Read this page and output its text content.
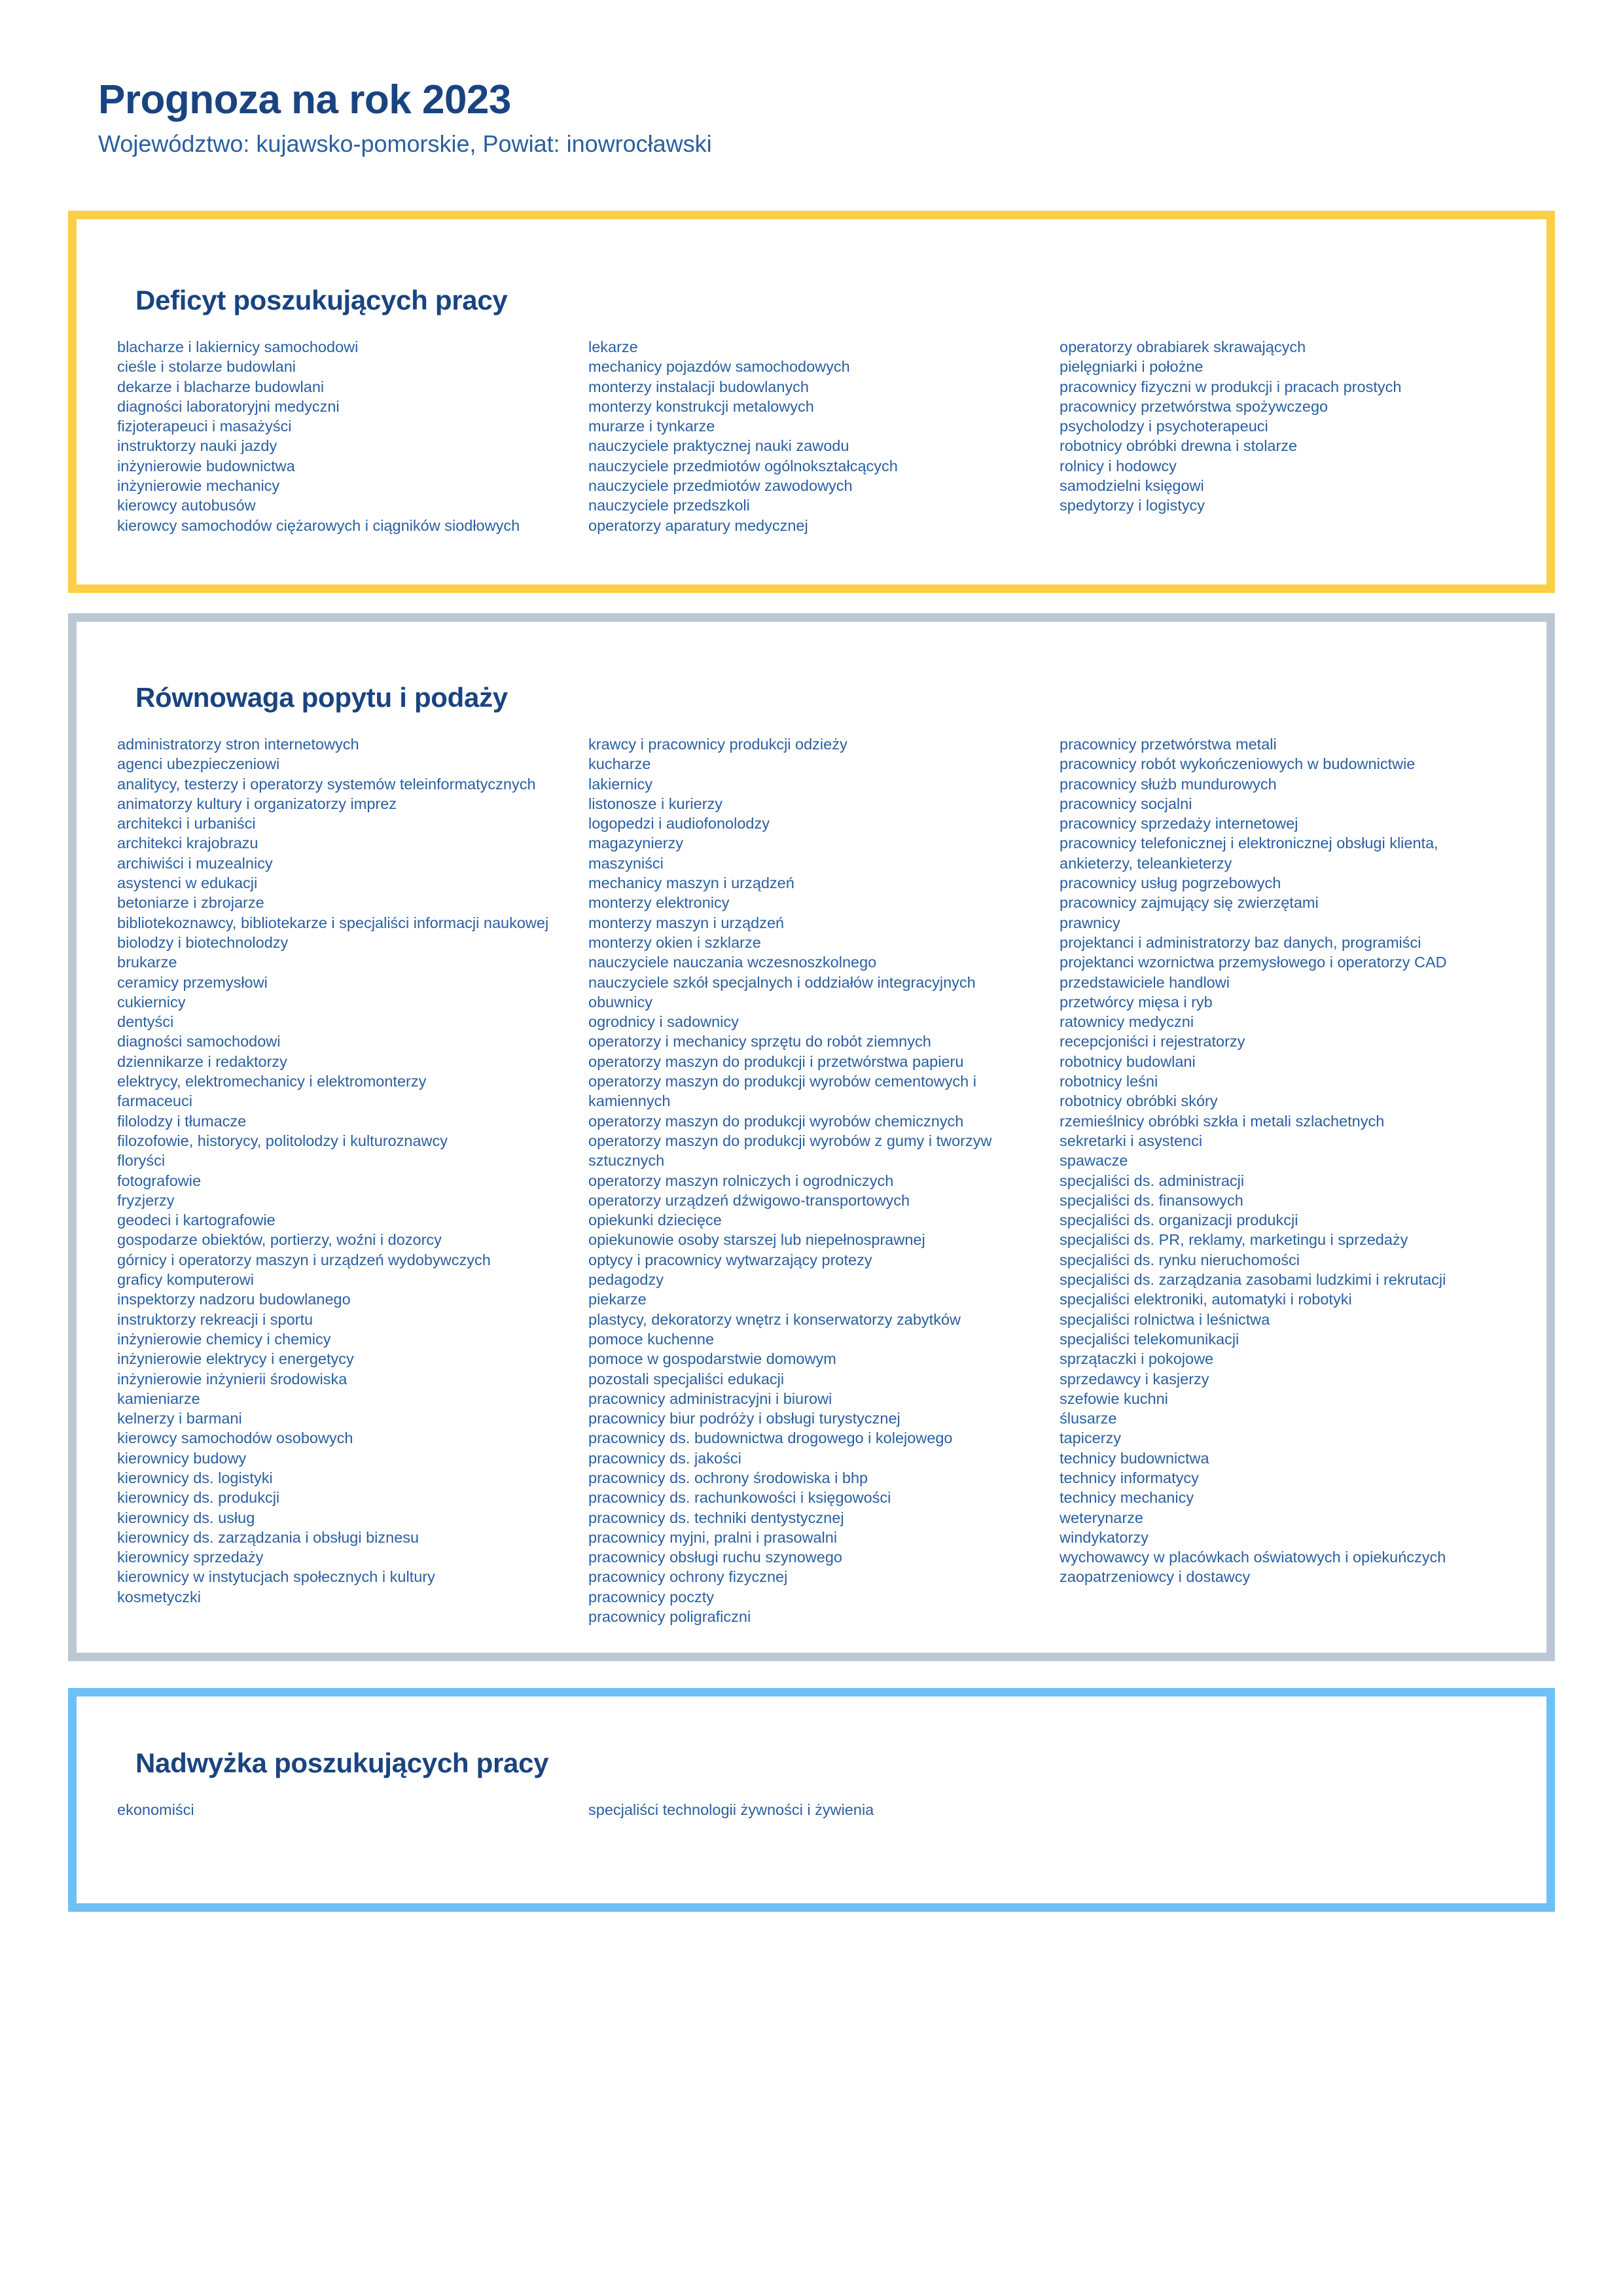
Prognoza na rok 2023

Województwo: kujawsko-pomorskie, Powiat: inowrocławski

Deficyt poszukujących pracy
blacharze i lakiernicy samochodowi
cieśle i stolarze budowlani
dekarze i blacharze budowlani
diagności laboratoryjni medyczni
fizjoterapeuci i masażyści
instruktorzy nauki jazdy
inżynierowie budownictwa
inżynierowie mechanicy
kierowcy autobusów
kierowcy samochodów ciężarowych i ciągników siodłowych
lekarze
mechanicy pojazdów samochodowych
monterzy instalacji budowlanych
monterzy konstrukcji metalowych
murarze i tynkarze
nauczyciele praktycznej nauki zawodu
nauczyciele przedmiotów ogólnokształcących
nauczyciele przedmiotów zawodowych
nauczyciele przedszkoli
operatorzy aparatury medycznej
operatorzy obrabiarek skrawających
pielęgniarki i położne
pracownicy fizyczni w produkcji i pracach prostych
pracownicy przetwórstwa spożywczego
psycholodzy i psychoterapeuci
robotnicy obróbki drewna i stolarze
rolnicy i hodowcy
samodzielni księgowi
spedytorzy i logistycy
Równowaga popytu i podaży
administratorzy stron internetowych
agenci ubezpieczeniowi
analitycy, testerzy i operatorzy systemów teleinformatycznych
animatorzy kultury i organizatorzy imprez
architekci i urbaniści
architekci krajobrazu
archiwiści i muzealnicy
asystenci w edukacji
betoniarze i zbrojarze
bibliotekoznawcy, bibliotekarze i specjaliści informacji naukowej
biolodzy i biotechnolodzy
brukarze
ceramicy przemysłowi
cukiernicy
dentyści
diagności samochodowi
dziennikarze i redaktorzy
elektrycy, elektromechanicy i elektromonterzy
farmaceuci
filolodzy i tłumacze
filozofowie, historycy, politolodzy i kulturoznawcy
floryści
fotografowie
fryzjerzy
geodeci i kartografowie
gospodarze obiektów, portierzy, woźni i dozorcy
górnicy i operatorzy maszyn i urządzeń wydobywczych
graficy komputerowi
inspektorzy nadzoru budowlanego
instruktorzy rekreacji i sportu
inżynierowie chemicy i chemicy
inżynierowie elektrycy i energetycy
inżynierowie inżynierii środowiska
kamieniarze
kelnerzy i barmani
kierowcy samochodów osobowych
kierownicy budowy
kierownicy ds. logistyki
kierownicy ds. produkcji
kierownicy ds. usług
kierownicy ds. zarządzania i obsługi biznesu
kierownicy sprzedaży
kierownicy w instytucjach społecznych i kultury
kosmetyczki
krawcy i pracownicy produkcji odzieży
kucharze
lakiernicy
listonosze i kurierzy
logopedzi i audiofonolodzy
magazynierzy
maszyniści
mechanicy maszyn i urządzeń
monterzy elektronicy
monterzy maszyn i urządzeń
monterzy okien i szklarze
nauczyciele nauczania wczesnoszkolnego
nauczyciele szkół specjalnych i oddziałów integracyjnych
obuwnicy
ogrodnicy i sadownicy
operatorzy i mechanicy sprzętu do robót ziemnych
operatorzy maszyn do produkcji i przetwórstwa papieru
operatorzy maszyn do produkcji wyrobów cementowych i kamiennych
operatorzy maszyn do produkcji wyrobów chemicznych
operatorzy maszyn do produkcji wyrobów z gumy i tworzyw sztucznych
operatorzy maszyn rolniczych i ogrodniczych
operatorzy urządzeń dźwigowo-transportowych
opiekunki dziecięce
opiekunowie osoby starszej lub niepełnosprawnej
optycy i pracownicy wytwarzający protezy
pedagodzy
piekarze
plastycy, dekoratorzy wnętrz i konserwatorzy zabytków
pomoce kuchenne
pomoce w gospodarstwie domowym
pozostali specjaliści edukacji
pracownicy administracyjni i biurowi
pracownicy biur podróży i obsługi turystycznej
pracownicy ds. budownictwa drogowego i kolejowego
pracownicy ds. jakości
pracownicy ds. ochrony środowiska i bhp
pracownicy ds. rachunkowości i księgowości
pracownicy ds. techniki dentystycznej
pracownicy myjni, pralni i prasowalni
pracownicy obsługi ruchu szynowego
pracownicy ochrony fizycznej
pracownicy poczty
pracownicy poligraficzni
pracownicy przetwórstwa metali
pracownicy robót wykończeniowych w budownictwie
pracownicy służb mundurowych
pracownicy socjalni
pracownicy sprzedaży internetowej
pracownicy telefonicznej i elektronicznej obsługi klienta, ankieterzy, teleankieterzy
pracownicy usług pogrzebowych
pracownicy zajmujący się zwierzętami
prawnicy
projektanci i administratorzy baz danych, programiści
projektanci wzornictwa przemysłowego i operatorzy CAD
przedstawiciele handlowi
przetwórcy mięsa i ryb
ratownicy medyczni
recepcjoniści i rejestratorzy
robotnicy budowlani
robotnicy leśni
robotnicy obróbki skóry
rzemieślnicy obróbki szkła i metali szlachetnych
sekretarki i asystenci
spawacze
specjaliści ds. administracji
specjaliści ds. finansowych
specjaliści ds. organizacji produkcji
specjaliści ds. PR, reklamy, marketingu i sprzedaży
specjaliści ds. rynku nieruchomości
specjaliści ds. zarządzania zasobami ludzkimi i rekrutacji
specjaliści elektroniki, automatyki i robotyki
specjaliści rolnictwa i leśnictwa
specjaliści telekomunikacji
sprzątaczki i pokojowe
sprzedawcy i kasjerzy
szefowie kuchni
ślusarze
tapicerzy
technicy budownictwa
technicy informatycy
technicy mechanicy
weterynarze
windykatorzy
wychowawcy w placówkach oświatowych i opiekuńczych
zaopatrzeniowcy i dostawcy
Nadwyżka poszukujących pracy
ekonomiści	specjaliści technologii żywności i żywienia
